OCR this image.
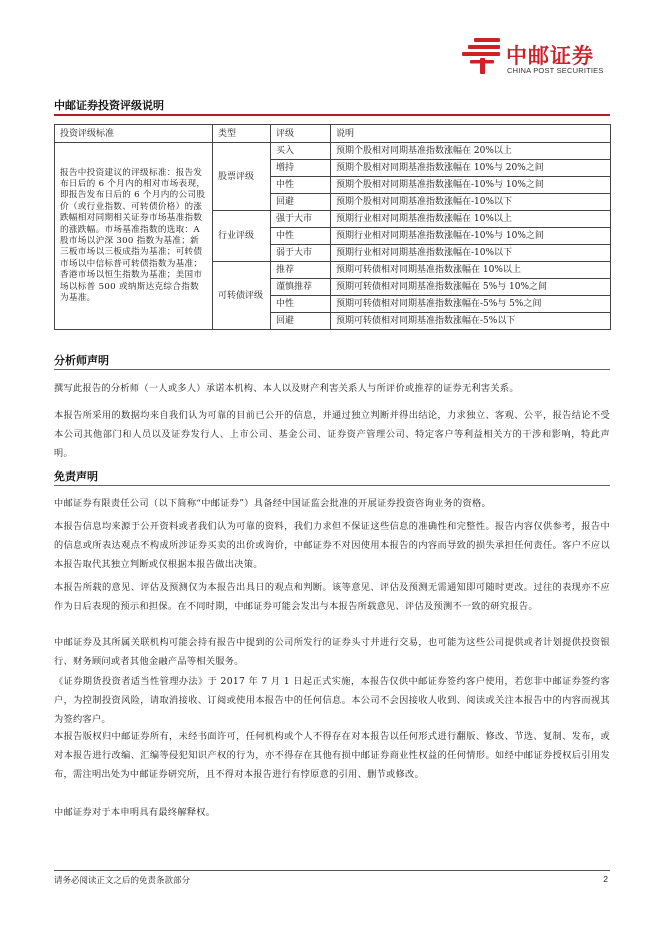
中邮证券
CHINA POST SECURITIES
中邮证券投资评级说明
投资评级标准	类型	评级	说明
报告中投资建议的评级标准：报告发布日后的 6 个月内的相对市场表现，即报告发布日后的 6 个月内的公司股价（或行业指数、可转债价格）的涨跌幅相对同期相关证券市场基准指数的涨跌幅。市场基准指数的选取：A 股市场以沪深 300 指数为基准；新三板市场以三板成指为基准；可转债市场以中信标普可转债指数为基准；香港市场以恒生指数为基准；美国市场以标普 500 或纳斯达克综合指数为基准。	股票评级	买入	预期个股相对同期基准指数涨幅在 20%以上
		增持	预期个股相对同期基准指数涨幅在 10%与 20%之间
		中性	预期个股相对同期基准指数涨幅在-10%与 10%之间
		回避	预期个股相对同期基准指数涨幅在-10%以下
	行业评级	强于大市	预期行业相对同期基准指数涨幅在 10%以上
		中性	预期行业相对同期基准指数涨幅在-10%与 10%之间
		弱于大市	预期行业相对同期基准指数涨幅在-10%以下
	可转债评级	推荐	预期可转债相对同期基准指数涨幅在 10%以上
		谨慎推荐	预期可转债相对同期基准指数涨幅在 5%与 10%之间
		中性	预期可转债相对同期基准指数涨幅在-5%与 5%之间
		回避	预期可转债相对同期基准指数涨幅在-5%以下
分析师声明
撰写此报告的分析师（一人或多人）承诺本机构、本人以及财产利害关系人与所评价或推荐的证券无利害关系。
本报告所采用的数据均来自我们认为可靠的目前已公开的信息，并通过独立判断并得出结论，力求独立、客观、公平，报告结论不受本公司其他部门和人员以及证券发行人、上市公司、基金公司、证券资产管理公司、特定客户等利益相关方的干涉和影响，特此声明。
免责声明
中邮证券有限责任公司（以下简称“中邮证券”）具备经中国证监会批准的开展证券投资咨询业务的资格。
本报告信息均来源于公开资料或者我们认为可靠的资料，我们力求但不保证这些信息的准确性和完整性。报告内容仅供参考，报告中的信息或所表达观点不构成所涉证券买卖的出价或询价，中邮证券不对因使用本报告的内容而导致的损失承担任何责任。客户不应以本报告取代其独立判断或仅根据本报告做出决策。
本报告所载的意见、评估及预测仅为本报告出具日的观点和判断。该等意见、评估及预测无需通知即可随时更改。过往的表现亦不应作为日后表现的预示和担保。在不同时期，中邮证券可能会发出与本报告所载意见、评估及预测不一致的研究报告。
中邮证券及其所属关联机构可能会持有报告中提到的公司所发行的证券头寸并进行交易，也可能为这些公司提供或者计划提供投资银行、财务顾问或者其他金融产品等相关服务。
《证券期货投资者适当性管理办法》于 2017 年 7 月 1 日起正式实施，本报告仅供中邮证券签约客户使用，若您非中邮证券签约客户，为控制投资风险，请取消接收、订阅或使用本报告中的任何信息。本公司不会因接收人收到、阅读或关注本报告中的内容而视其为签约客户。
本报告版权归中邮证券所有，未经书面许可，任何机构或个人不得存在对本报告以任何形式进行翻版、修改、节选、复制、发布，或对本报告进行改编、汇编等侵犯知识产权的行为，亦不得存在其他有损中邮证券商业性权益的任何情形。如经中邮证券授权后引用发布，需注明出处为中邮证券研究所，且不得对本报告进行有悖原意的引用、删节或修改。
中邮证券对于本申明具有最终解释权。
请务必阅读正文之后的免责条款部分	2
